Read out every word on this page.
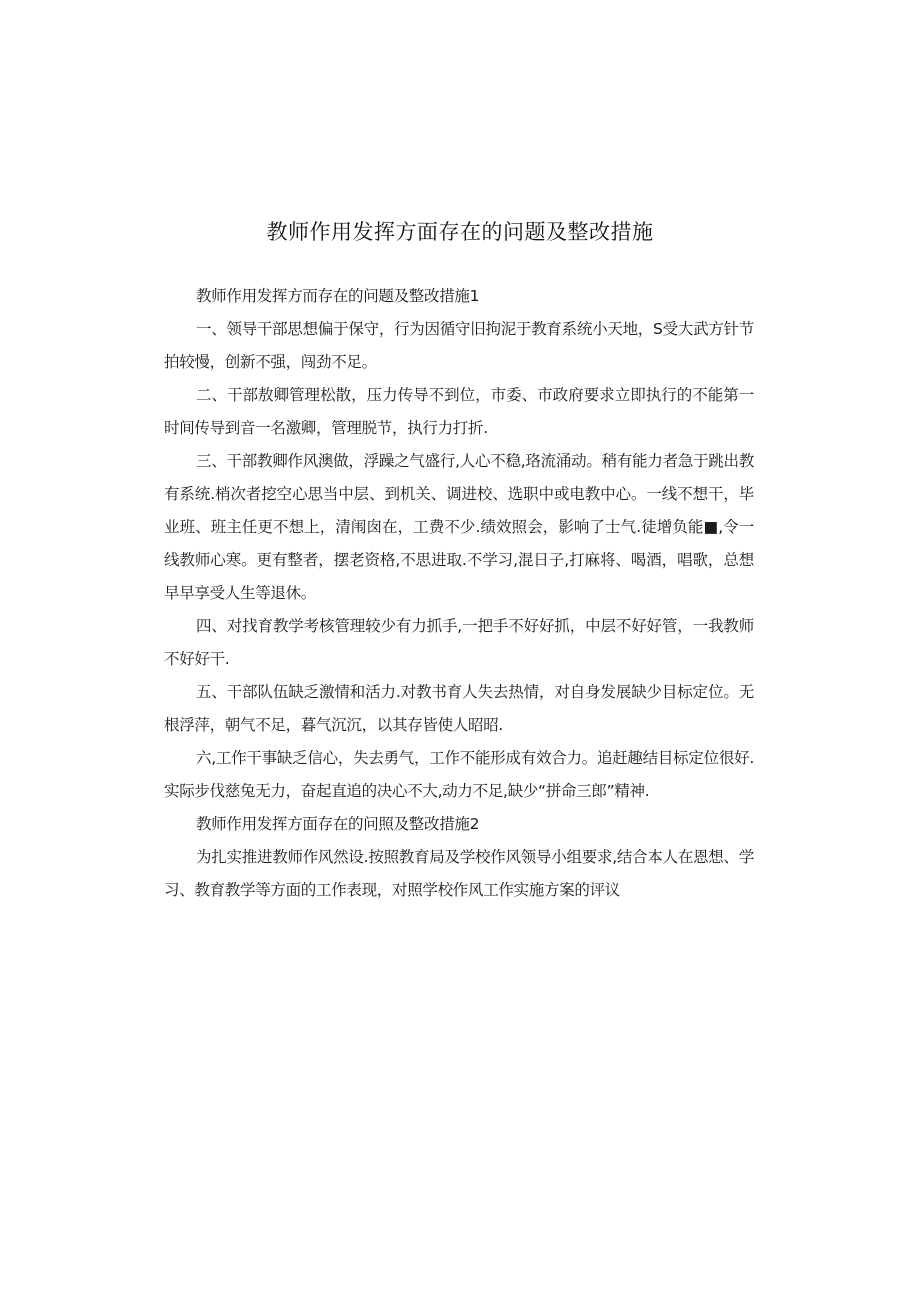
教师作用发挥方面存在的问题及整改措施

教师作用发挥方而存在的问题及整改措施1

一、领导干部思想偏于保守，行为因循守旧拘泥于教育系统小天地，S受大武方针节拍较慢，创新不强，闯劲不足。

二、干部敖卿管理松散，压力传导不到位，市委、市政府要求立即执行的不能第一时间传导到音一名激卿，管理脱节，执行力打折.

三、干部教卿作风澳做，浮躁之气盛行,人心不稳,珞流涌动。稍有能力者急于跳出教有系统.梢次者挖空心思当中层、到机关、调进校、选职中或电教中心。一线不想干，毕业班、班主任更不想上，清闱囱在，工费不少.绩效照会，影响了士气.徒增负能■,令一线教师心寒。更有整者，摆老资格,不思进取.不学习,混日子,打麻将、喝酒，唱歌，总想早早享受人生等退休。

四、对找育教学考核管理较少有力抓手,一把手不好好抓，中层不好好管，一我教师不好好干.

五、干部队伍缺乏激情和活力.对教书育人失去热情，对自身发展缺少目标定位。无根浮萍，朝气不足，暮气沉沉，以其存皆使人昭昭.

六,工作干事缺乏信心，失去勇气，工作不能形成有效合力。追赶趣结目标定位很好.实际步伐慈兔无力，奋起直追的决心不大,动力不足,缺少“拼命三郎”精神.

教师作用发挥方面存在的问照及整改措施2

为扎实推进教师作风然设.按照教育局及学校作风领导小组要求,结合本人在恩想、学习、教育教学等方面的工作表现，对照学校作风工作实施方案的评议
